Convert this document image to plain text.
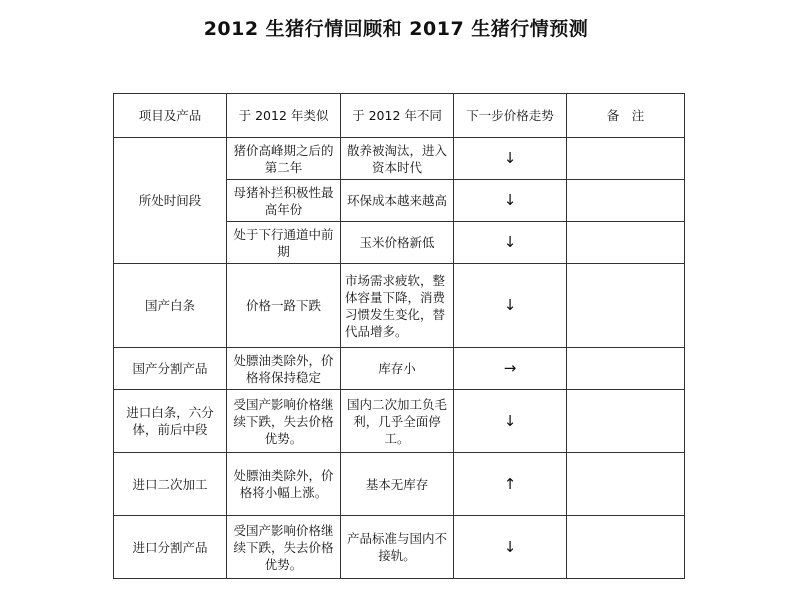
2012 生猪行情回顾和 2017 生猪行情预测
项目及产品	于 2012 年类似	于 2012 年不同	下一步价格走势	备　注
所处时间段	猪价高峰期之后的第二年	散养被淘汰，进入资本时代	↓	
	母猪补拦积极性最高年份	环保成本越来越高	↓	
	处于下行通道中前期	玉米价格新低	↓	
国产白条	价格一路下跌	市场需求疲软，整体容量下降，消费习惯发生变化，替代品增多。	↓	
国产分割产品	处膘油类除外，价格将保持稳定	库存小	→	
进口白条，六分体，前后中段	受国产影响价格继续下跌，失去价格优势。	国内二次加工负毛利，几乎全面停工。	↓	
进口二次加工	处膘油类除外，价格将小幅上涨。	基本无库存	↑	
进口分割产品	受国产影响价格继续下跌，失去价格优势。	产品标准与国内不接轨。	↓	
